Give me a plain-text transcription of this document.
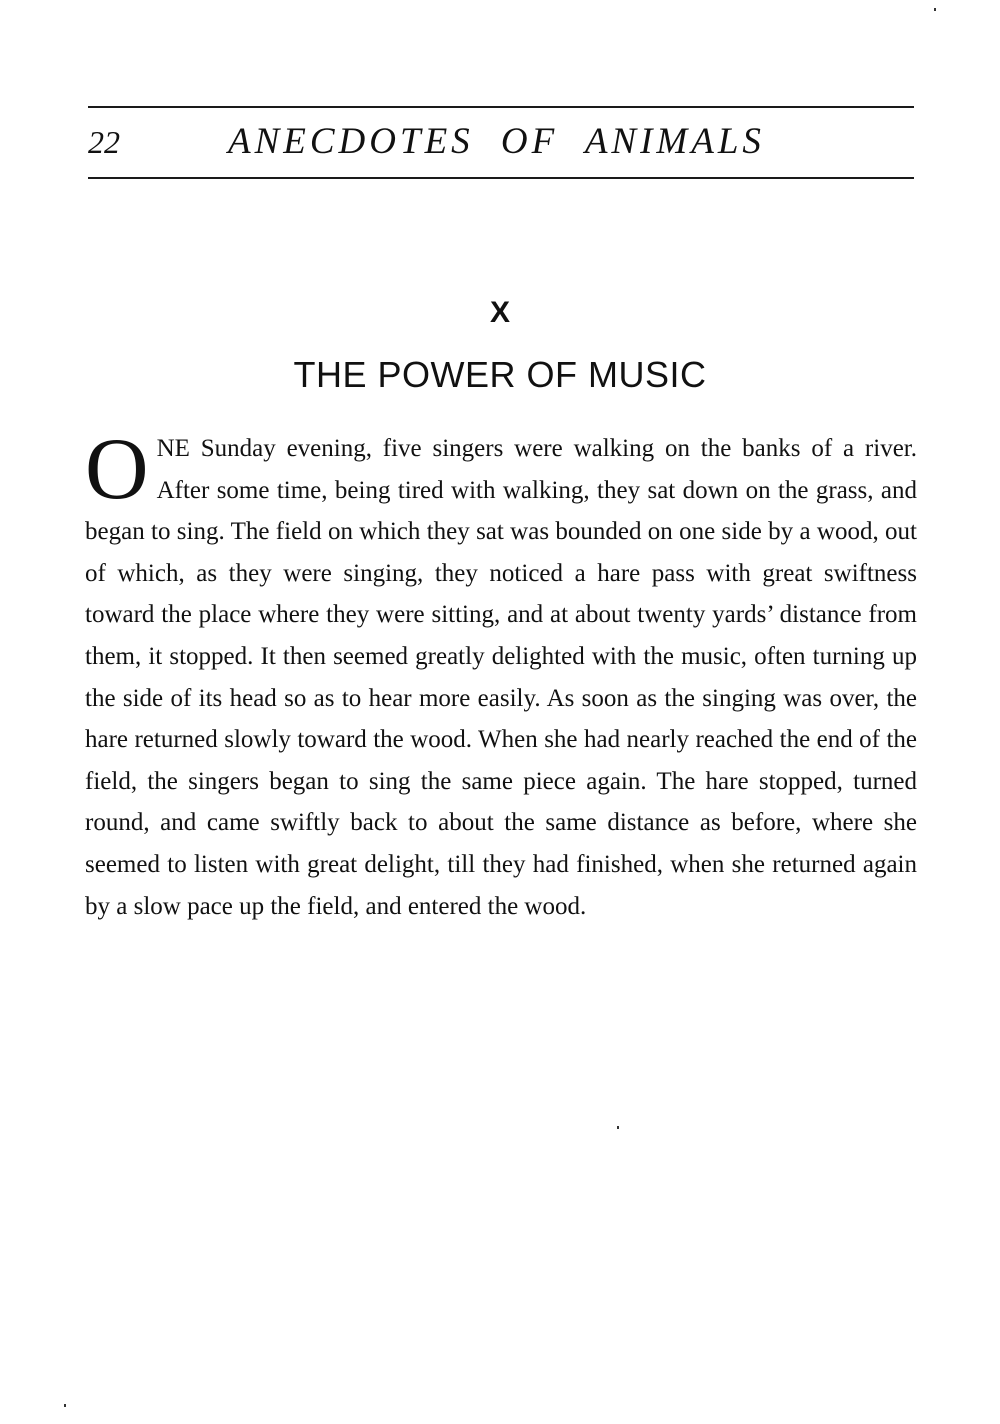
22	ANECDOTES OF ANIMALS
X
THE POWER OF MUSIC

ONE Sunday evening, five singers were walking on the banks of a river. After some time, being tired with walking, they sat down on the grass, and began to sing. The field on which they sat was bounded on one side by a wood, out of which, as they were singing, they noticed a hare pass with great swiftness toward the place where they were sitting, and at about twenty yards’ distance from them, it stopped. It then seemed greatly delighted with the music, often turning up the side of its head so as to hear more easily. As soon as the singing was over, the hare returned slowly toward the wood. When she had nearly reached the end of the field, the singers began to sing the same piece again. The hare stopped, turned round, and came swiftly back to about the same distance as before, where she seemed to listen with great delight, till they had finished, when she returned again by a slow pace up the field, and entered the wood.
